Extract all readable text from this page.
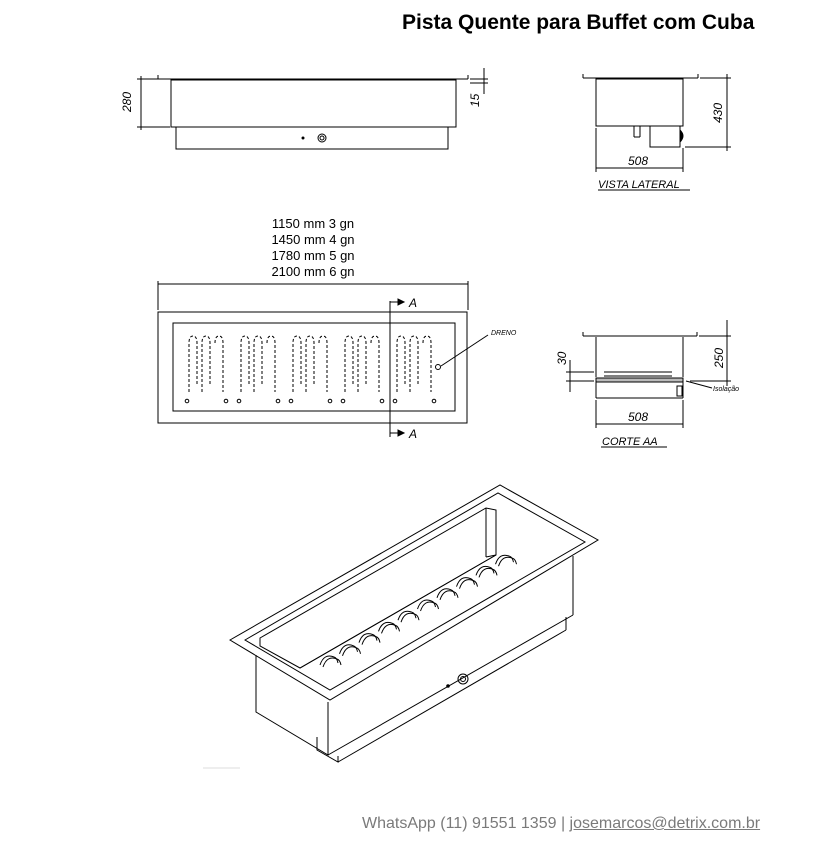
Pista Quente para Buffet com Cuba
1150 mm 3 gn
1450 mm 4 gn
1780 mm 5 gn
2100 mm 6 gn
280	15
508
430
VISTA LATERAL
DRENO
A
A
30	250
Isolação
508
CORTE AA
WhatsApp (11) 91551 1359 | josemarcos@detrix.com.br
